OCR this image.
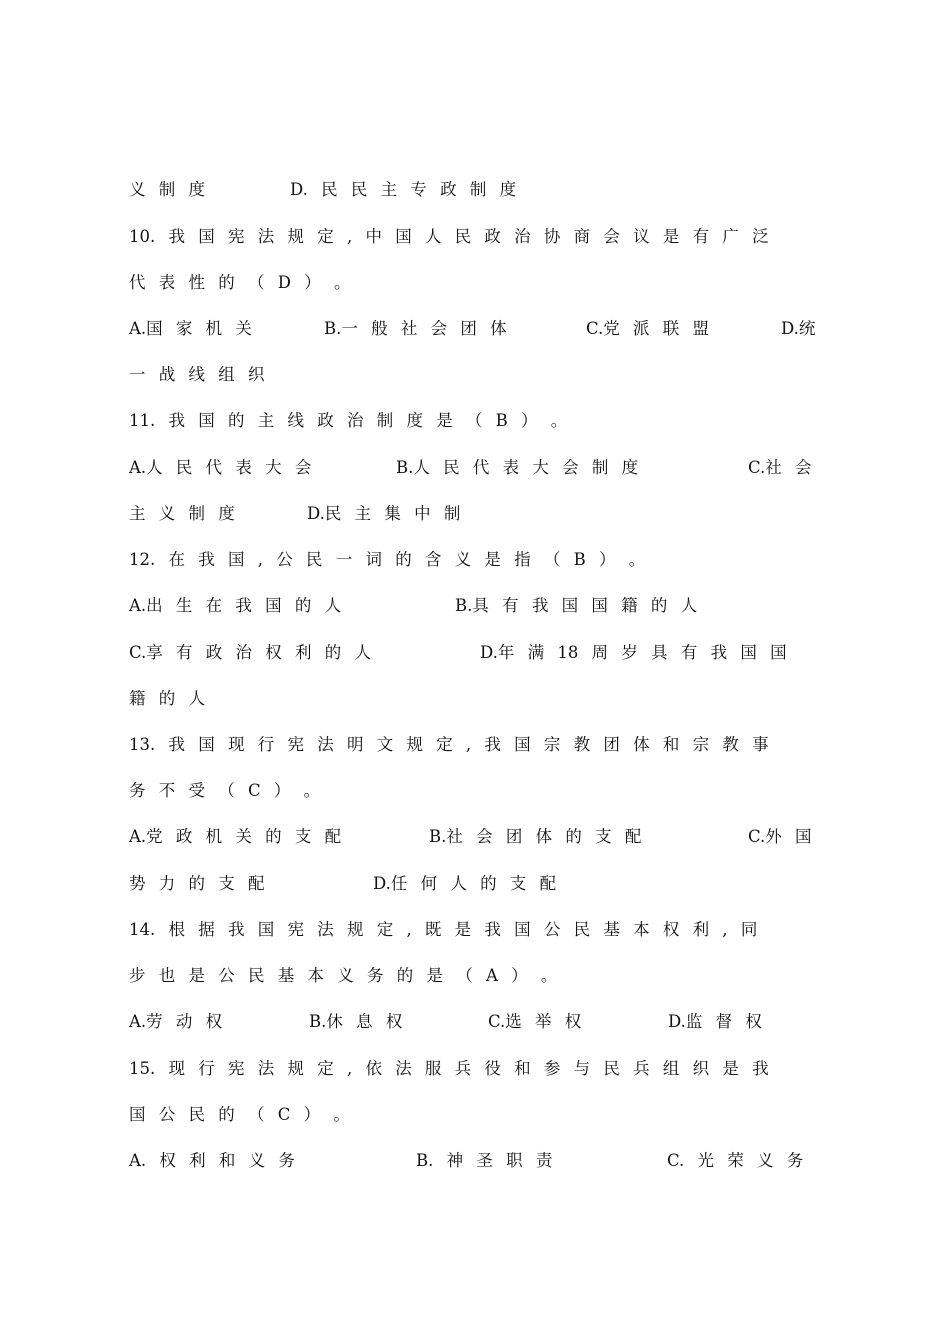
义 制 度	D. 民 民 主 专 政 制 度
10. 我 国 宪 法 规 定 , 中 国 人 民 政 治 协 商 会 议 是 有 广 泛
代 表 性 的 （ D ） 。
A.国 家 机 关	B.一 般 社 会 团 体	C.党 派 联 盟	D.统
一 战 线 组 织
11. 我 国 的 主 线 政 治 制 度 是 （ B ） 。
A.人 民 代 表 大 会	B.人 民 代 表 大 会 制 度	C.社 会
主 义 制 度	D.民 主 集 中 制
12. 在 我 国 , 公 民 一 词 的 含 义 是 指 （ B ） 。
A.出 生 在 我 国 的 人	B.具 有 我 国 国 籍 的 人
C.享 有 政 治 权 利 的 人	D.年 满 18 周 岁 具 有 我 国 国
籍 的 人
13. 我 国 现 行 宪 法 明 文 规 定 , 我 国 宗 教 团 体 和 宗 教 事
务 不 受 （ C ） 。
A.党 政 机 关 的 支 配	B.社 会 团 体 的 支 配	C.外 国
势 力 的 支 配	D.任 何 人 的 支 配
14. 根 据 我 国 宪 法 规 定 , 既 是 我 国 公 民 基 本 权 利 , 同
步 也 是 公 民 基 本 义 务 的 是 （ A ） 。
A.劳 动 权	B.休 息 权	C.选 举 权	D.监 督 权
15. 现 行 宪 法 规 定 , 依 法 服 兵 役 和 参 与 民 兵 组 织 是 我
国 公 民 的 （ C ） 。
A. 权 利 和 义 务	B. 神 圣 职 责	C. 光 荣 义 务
